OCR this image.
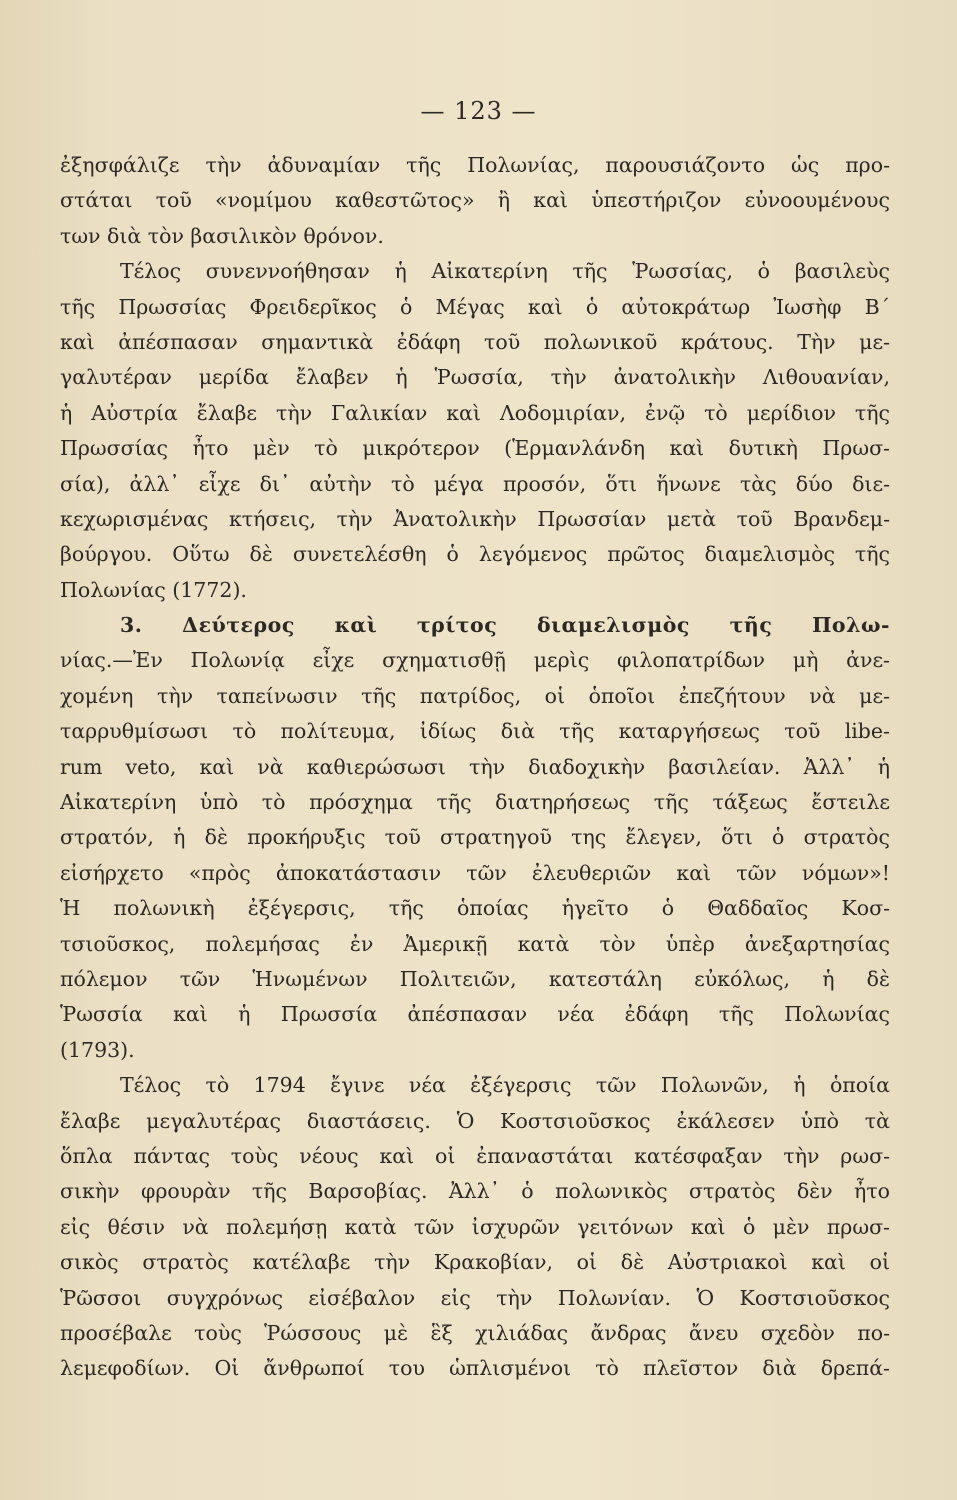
— 123 —
ἐξησφάλιζε τὴν ἀδυναμίαν τῆς Πολωνίας, παρουσιάζοντο ὡς προ-
στάται τοῦ «νομίμου καθεστῶτος» ἢ καὶ ὑπεστήριζον εὐνοουμένους
των διὰ τὸν βασιλικὸν θρόνον.
Τέλος συνεννοήθησαν ἡ Αἰκατερίνη τῆς Ῥωσσίας, ὁ βασιλεὺς
τῆς Πρωσσίας Φρειδερῖκος ὁ Μέγας καὶ ὁ αὐτοκράτωρ Ἰωσὴφ Β´
καὶ ἀπέσπασαν σημαντικὰ ἐδάφη τοῦ πολωνικοῦ κράτους. Τὴν με-
γαλυτέραν μερίδα ἔλαβεν ἡ Ῥωσσία, τὴν ἀνατολικὴν Λιθουανίαν,
ἡ Αὐστρία ἔλαβε τὴν Γαλικίαν καὶ Λοδομιρίαν, ἐνῷ τὸ μερίδιον τῆς
Πρωσσίας ἦτο μὲν τὸ μικρότερον (Ἑρμανλάνδη καὶ δυτικὴ Πρωσ-
σία), ἀλλ᾽ εἶχε δι᾽ αὐτὴν τὸ μέγα προσόν, ὅτι ἥνωνε τὰς δύο διε-
κεχωρισμένας κτήσεις, τὴν Ἀνατολικὴν Πρωσσίαν μετὰ τοῦ Βρανδεμ-
βούργου. Οὕτω δὲ συνετελέσθη ὁ λεγόμενος πρῶτος διαμελισμὸς τῆς
Πολωνίας (1772).
3. Δεύτερος καὶ τρίτος διαμελισμὸς τῆς Πολω-
νίας.—Ἐν Πολωνίᾳ εἶχε σχηματισθῇ μερὶς φιλοπατρίδων μὴ ἀνε-
χομένη τὴν ταπείνωσιν τῆς πατρίδος, οἱ ὁποῖοι ἐπεζήτουν νὰ με-
ταρρυθμίσωσι τὸ πολίτευμα, ἰδίως διὰ τῆς καταργήσεως τοῦ libe-
rum veto, καὶ νὰ καθιερώσωσι τὴν διαδοχικὴν βασιλείαν. Ἀλλ᾽ ἡ
Αἰκατερίνη ὑπὸ τὸ πρόσχημα τῆς διατηρήσεως τῆς τάξεως ἔστειλε
στρατόν, ἡ δὲ προκήρυξις τοῦ στρατηγοῦ της ἔλεγεν, ὅτι ὁ στρατὸς
εἰσήρχετο «πρὸς ἀποκατάστασιν τῶν ἐλευθεριῶν καὶ τῶν νόμων»!
Ἡ πολωνικὴ ἐξέγερσις, τῆς ὁποίας ἡγεῖτο ὁ Θαδδαῖος Κοσ-
τσιοῦσκος, πολεμήσας ἐν Ἀμερικῇ κατὰ τὸν ὑπὲρ ἀνεξαρτησίας
πόλεμον τῶν Ἡνωμένων Πολιτειῶν, κατεστάλη εὐκόλως, ἡ δὲ
Ῥωσσία καὶ ἡ Πρωσσία ἀπέσπασαν νέα ἐδάφη τῆς Πολωνίας
(1793).
Τέλος τὸ 1794 ἔγινε νέα ἐξέγερσις τῶν Πολωνῶν, ἡ ὁποία
ἔλαβε μεγαλυτέρας διαστάσεις. Ὁ Κοστσιοῦσκος ἐκάλεσεν ὑπὸ τὰ
ὅπλα πάντας τοὺς νέους καὶ οἱ ἐπαναστάται κατέσφαξαν τὴν ρωσ-
σικὴν φρουρὰν τῆς Βαρσοβίας. Ἀλλ᾽ ὁ πολωνικὸς στρατὸς δὲν ἦτο
εἰς θέσιν νὰ πολεμήσῃ κατὰ τῶν ἰσχυρῶν γειτόνων καὶ ὁ μὲν πρωσ-
σικὸς στρατὸς κατέλαβε τὴν Κρακοβίαν, οἱ δὲ Αὐστριακοὶ καὶ οἱ
Ῥῶσσοι συγχρόνως εἰσέβαλον εἰς τὴν Πολωνίαν. Ὁ Κοστσιοῦσκος
προσέβαλε τοὺς Ῥώσσους μὲ ἓξ χιλιάδας ἄνδρας ἄνευ σχεδὸν πο-
λεμεφοδίων. Οἱ ἄνθρωποί του ὡπλισμένοι τὸ πλεῖστον διὰ δρεπά-
